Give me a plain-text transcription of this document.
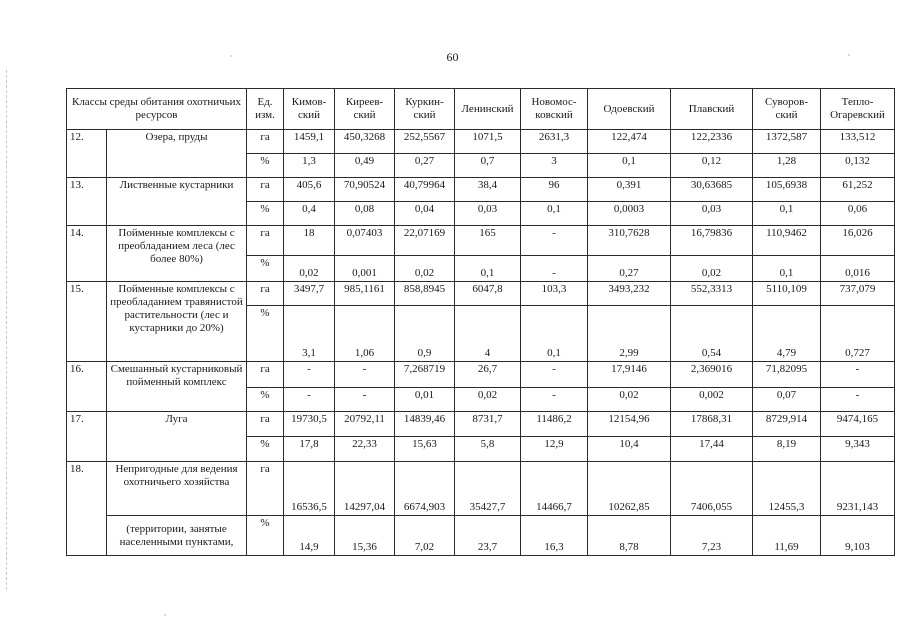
60
Классы среды обитания охотничьих ресурсов		Ед. изм.	Кимов-ский	Киреев-ский	Куркин-ский	Ленинский	Новомос-ковский	Одоевский	Плавский	Суворов-ский	Тепло-Огаревский
12.	Озера, пруды	га	1459,1	450,3268	252,5567	1071,5	2631,3	122,474	122,2336	1372,587	133,512
		%	1,3	0,49	0,27	0,7	3	0,1	0,12	1,28	0,132
13.	Лиственные кустарники	га	405,6	70,90524	40,79964	38,4	96	0,391	30,63685	105,6938	61,252
		%	0,4	0,08	0,04	0,03	0,1	0,0003	0,03	0,1	0,06
14.	Пойменные комплексы с преобладанием леса (лес более 80%)	га	18	0,07403	22,07169	165	-	310,7628	16,79836	110,9462	16,026
		%	0,02	0,001	0,02	0,1	-	0,27	0,02	0,1	0,016
15.	Пойменные комплексы с преобладанием травянистой растительности (лес и кустарники до 20%)	га	3497,7	985,1161	858,8945	6047,8	103,3	3493,232	552,3313	5110,109	737,079
		%	3,1	1,06	0,9	4	0,1	2,99	0,54	4,79	0,727
16.	Смешанный кустарниковый пойменный комплекс	га	-	-	7,268719	26,7	-	17,9146	2,369016	71,82095	-
		%	-	-	0,01	0,02	-	0,02	0,002	0,07	-
17.	Луга	га	19730,5	20792,11	14839,46	8731,7	11486,2	12154,96	17868,31	8729,914	9474,165
		%	17,8	22,33	15,63	5,8	12,9	10,4	17,44	8,19	9,343
18.	Непригодные для ведения охотничьего хозяйства	га	16536,5	14297,04	6674,903	35427,7	14466,7	10262,85	7406,055	12455,3	9231,143
	(территории, занятые населенными пунктами,	%	14,9	15,36	7,02	23,7	16,3	8,78	7,23	11,69	9,103
